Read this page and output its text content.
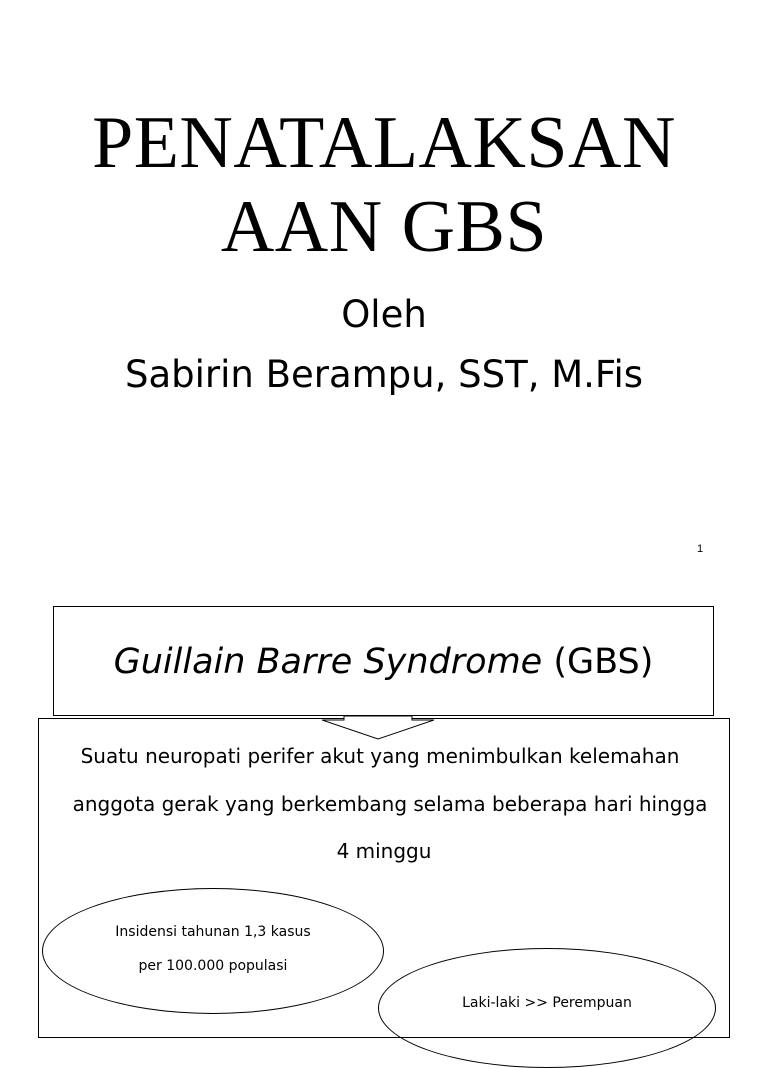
PENATALAKSAN
AAN GBS
Oleh
Sabirin Berampu, SST, M.Fis
1
Guillain Barre Syndrome (GBS)
Suatu neuropati perifer akut yang menimbulkan kelemahan
anggota gerak yang berkembang selama beberapa hari hingga
4 minggu
Insidensi tahunan 1,3 kasus
per 100.000 populasi
Laki-laki >> Perempuan
